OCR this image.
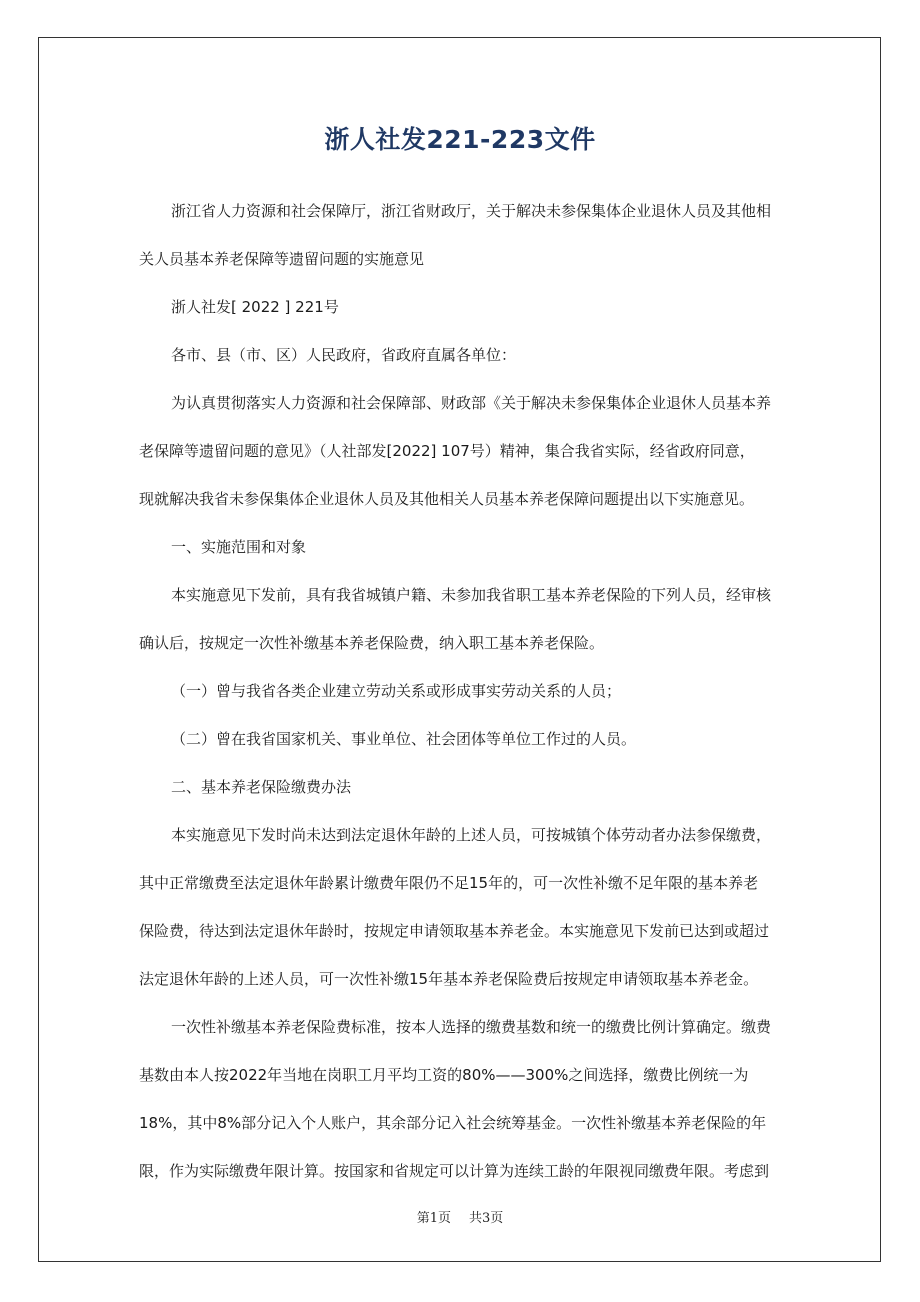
浙人社发221-223文件

浙江省人力资源和社会保障厅，浙江省财政厅，关于解决未参保集体企业退休人员及其他相

关人员基本养老保障等遗留问题的实施意见

浙人社发[ 2022 ] 221号

各市、县（市、区）人民政府，省政府直属各单位：

为认真贯彻落实人力资源和社会保障部、财政部《关于解决未参保集体企业退休人员基本养

老保障等遗留问题的意见》（人社部发[2022] 107号）精神，集合我省实际，经省政府同意，

现就解决我省未参保集体企业退休人员及其他相关人员基本养老保障问题提出以下实施意见。

一、实施范围和对象

本实施意见下发前，具有我省城镇户籍、未参加我省职工基本养老保险的下列人员，经审核

确认后，按规定一次性补缴基本养老保险费，纳入职工基本养老保险。

（一）曾与我省各类企业建立劳动关系或形成事实劳动关系的人员；

（二）曾在我省国家机关、事业单位、社会团体等单位工作过的人员。

二、基本养老保险缴费办法

本实施意见下发时尚未达到法定退休年龄的上述人员，可按城镇个体劳动者办法参保缴费，

其中正常缴费至法定退休年龄累计缴费年限仍不足15年的，可一次性补缴不足年限的基本养老

保险费，待达到法定退休年龄时，按规定申请领取基本养老金。本实施意见下发前已达到或超过

法定退休年龄的上述人员，可一次性补缴15年基本养老保险费后按规定申请领取基本养老金。

一次性补缴基本养老保险费标准，按本人选择的缴费基数和统一的缴费比例计算确定。缴费

基数由本人按2022年当地在岗职工月平均工资的80%——300%之间选择，缴费比例统一为

18%，其中8%部分记入个人账户，其余部分记入社会统筹基金。一次性补缴基本养老保险的年

限，作为实际缴费年限计算。按国家和省规定可以计算为连续工龄的年限视同缴费年限。考虑到

第1页 共3页
